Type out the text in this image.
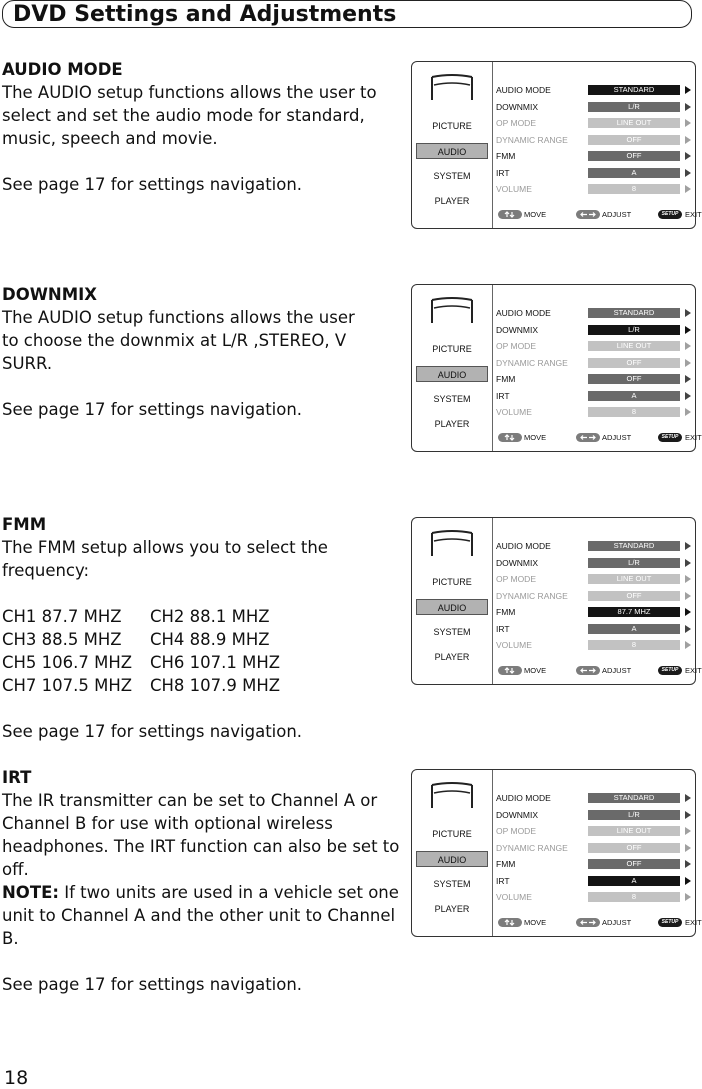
DVD Settings and Adjustments
AUDIO MODE

The AUDIO setup functions allows the user to select and set the audio mode for standard, music, speech and movie.

See page 17 for settings navigation.

DOWNMIX

The AUDIO setup functions allows the user to choose the downmix at L/R ,STEREO, V SURR.

See page 17 for settings navigation.

FMM

The FMM setup allows you to select the frequency:

CH1 87.7 MHZ	CH2 88.1 MHZ
CH3 88.5 MHZ	CH4 88.9 MHZ
CH5 106.7 MHZ	CH6 107.1 MHZ
CH7 107.5 MHZ	CH8 107.9 MHZ

See page 17 for settings navigation.

IRT

The IR transmitter can be set to Channel A or Channel B for use with optional wireless headphones. The IRT function can also be set to off.

NOTE: If two units are used in a vehicle set one unit to Channel A and the other unit to Channel B.

See page 17 for settings navigation.

18
PICTURE
AUDIO
SYSTEM
PLAYER
AUDIO MODE	STANDARD
DOWNMIX	L/R
OP MODE	LINE OUT
DYNAMIC RANGE	OFF
FMM	OFF
IRT	A
VOLUME	8
MOVE	ADJUST	SETUP EXIT
PICTURE
AUDIO
SYSTEM
PLAYER
AUDIO MODE	STANDARD
DOWNMIX	L/R
OP MODE	LINE OUT
DYNAMIC RANGE	OFF
FMM	OFF
IRT	A
VOLUME	8
MOVE	ADJUST	SETUP EXIT
PICTURE
AUDIO
SYSTEM
PLAYER
AUDIO MODE	STANDARD
DOWNMIX	L/R
OP MODE	LINE OUT
DYNAMIC RANGE	OFF
FMM	87.7 MHZ
IRT	A
VOLUME	8
MOVE	ADJUST	SETUP EXIT
PICTURE
AUDIO
SYSTEM
PLAYER
AUDIO MODE	STANDARD
DOWNMIX	L/R
OP MODE	LINE OUT
DYNAMIC RANGE	OFF
FMM	OFF
IRT	A
VOLUME	8
MOVE	ADJUST	SETUP EXIT
